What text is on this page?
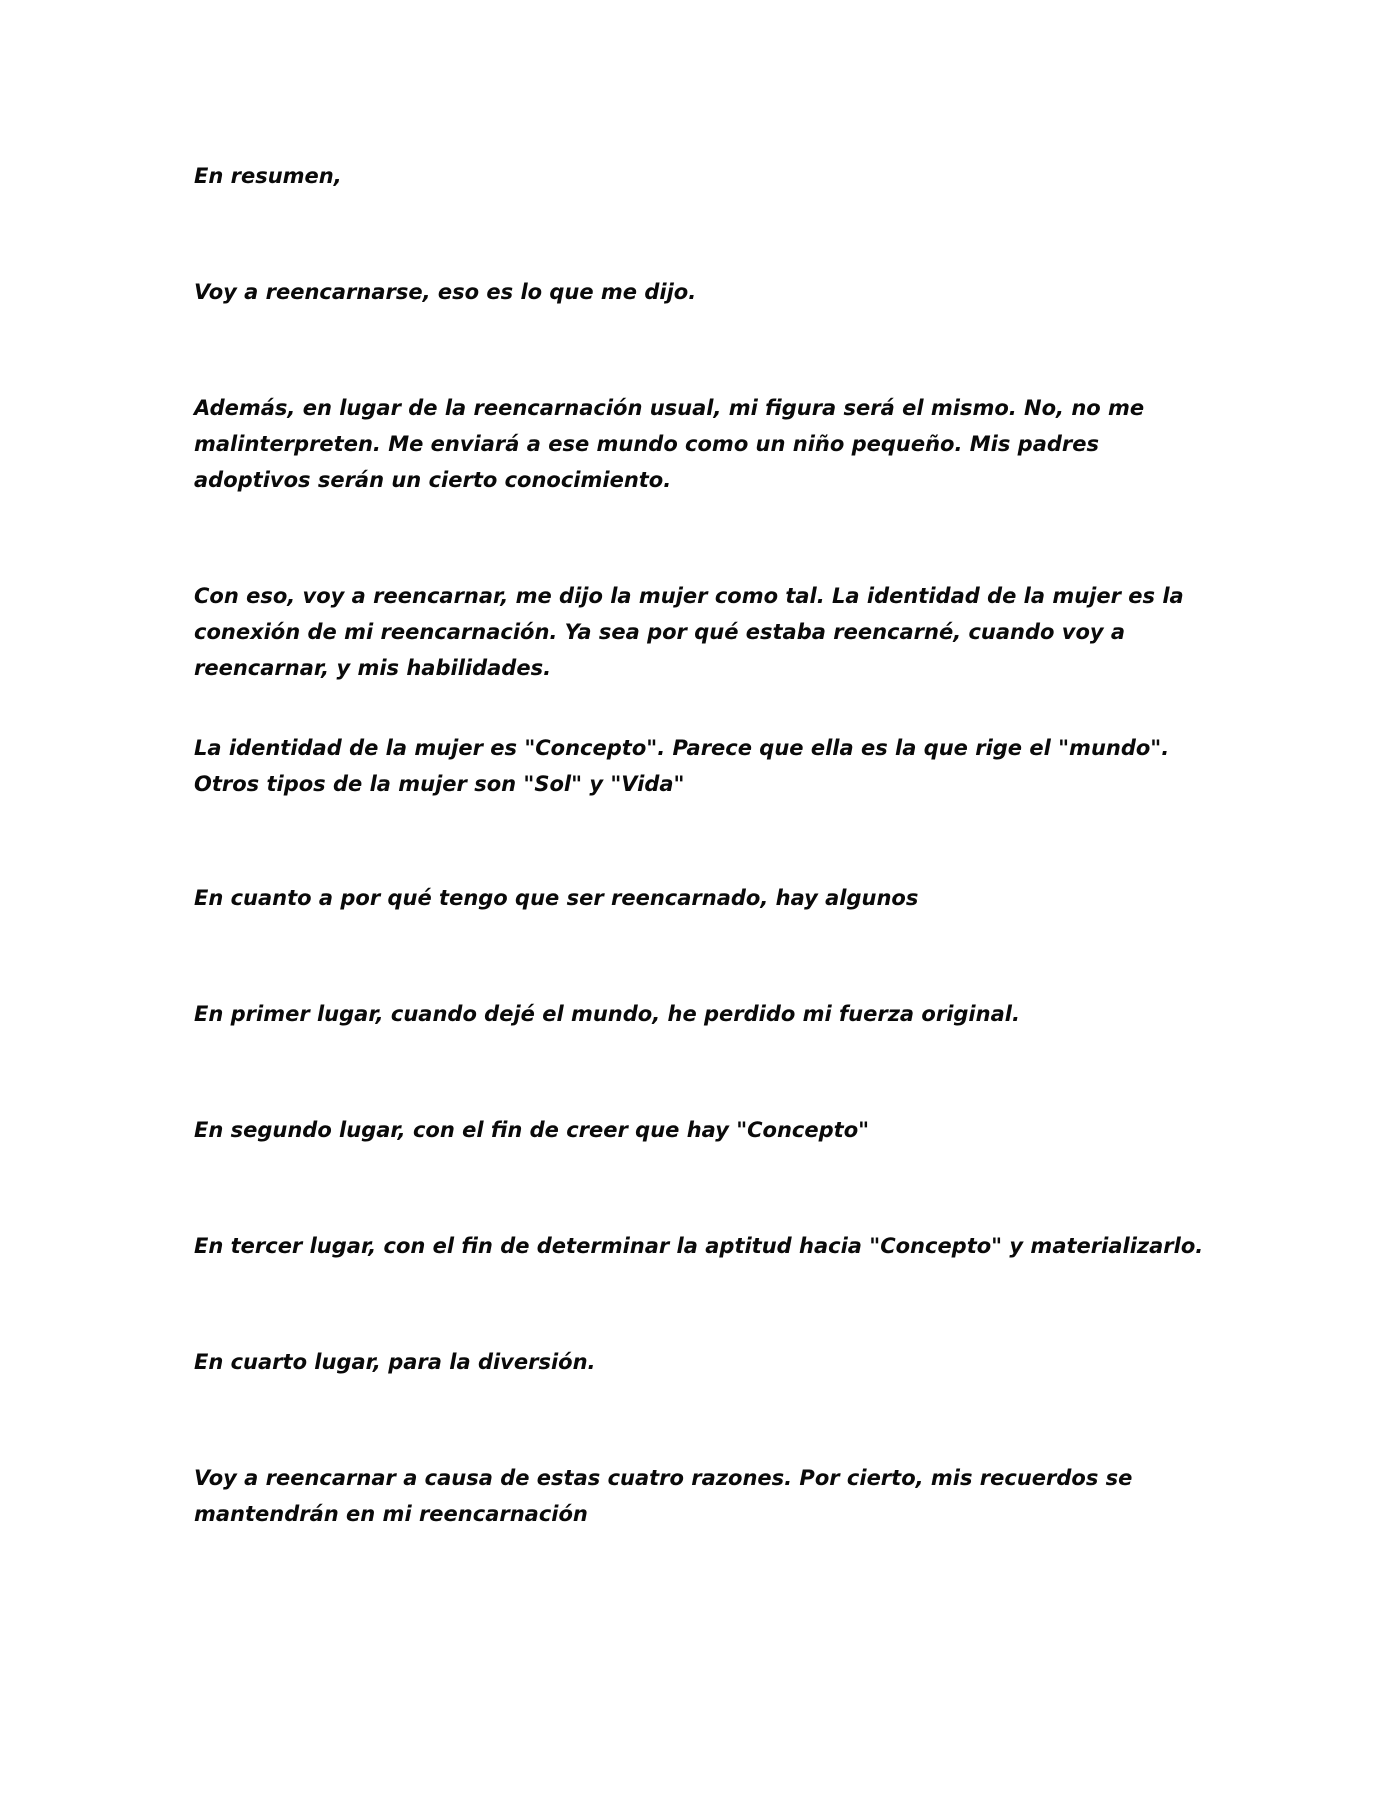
En resumen,

Voy a reencarnarse, eso es lo que me dijo.

Además, en lugar de la reencarnación usual, mi figura será el mismo. No, no me malinterpreten. Me enviará a ese mundo como un niño pequeño. Mis padres adoptivos serán un cierto conocimiento.

Con eso, voy a reencarnar, me dijo la mujer como tal. La identidad de la mujer es la conexión de mi reencarnación. Ya sea por qué estaba reencarné, cuando voy a reencarnar, y mis habilidades.

La identidad de la mujer es "Concepto". Parece que ella es la que rige el "mundo". Otros tipos de la mujer son "Sol" y "Vida"

En cuanto a por qué tengo que ser reencarnado, hay algunos

En primer lugar, cuando dejé el mundo, he perdido mi fuerza original.

En segundo lugar, con el fin de creer que hay "Concepto"

En tercer lugar, con el fin de determinar la aptitud hacia "Concepto" y materializarlo.

En cuarto lugar, para la diversión.

Voy a reencarnar a causa de estas cuatro razones. Por cierto, mis recuerdos se mantendrán en mi reencarnación
